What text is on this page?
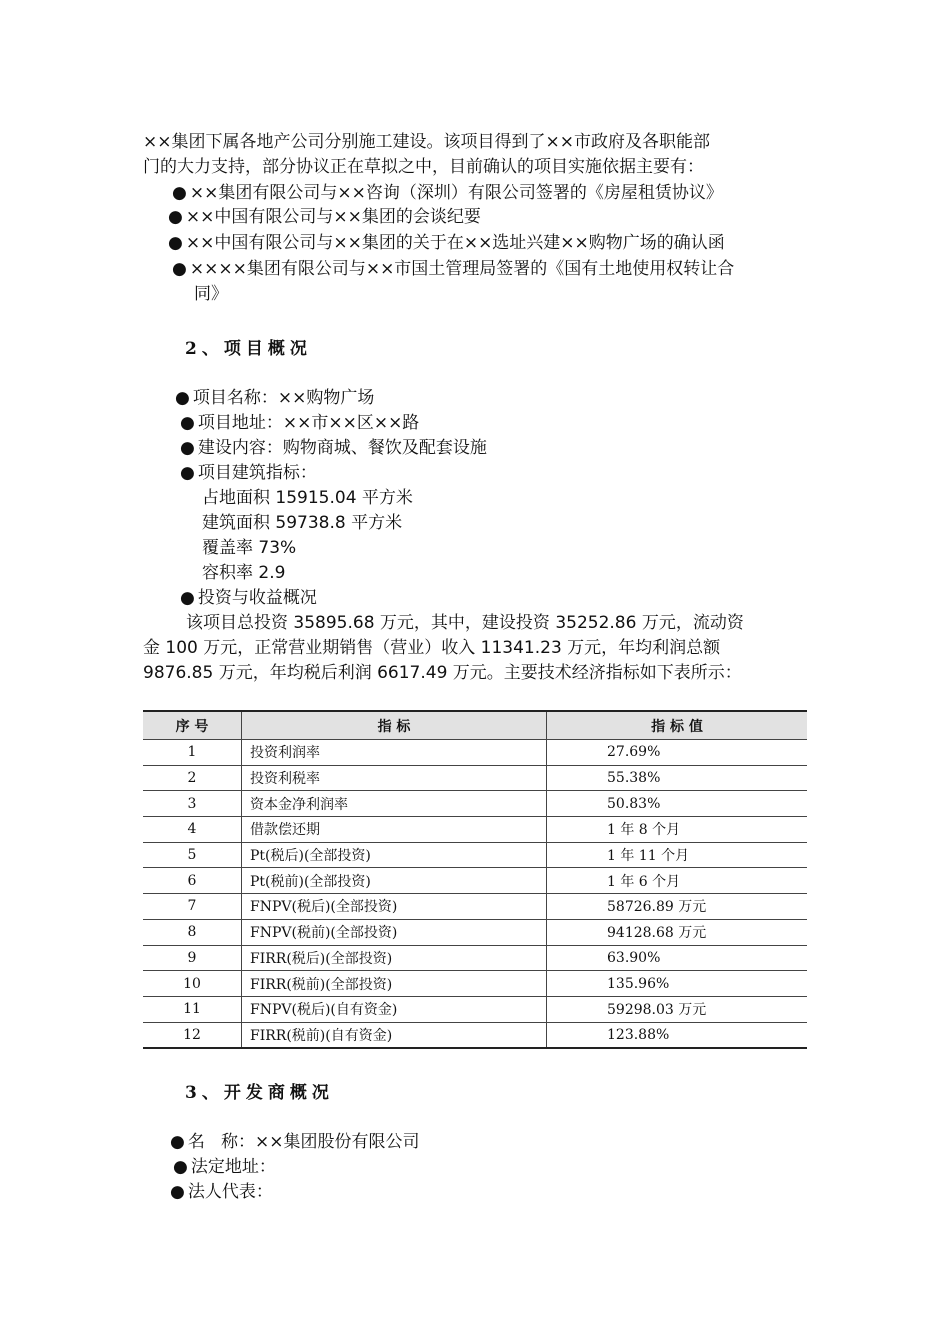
××集团下属各地产公司分别施工建设。该项目得到了××市政府及各职能部
门的大力支持，部分协议正在草拟之中，目前确认的项目实施依据主要有：
● ××集团有限公司与××咨询（深圳）有限公司签署的《房屋租赁协议》
● ××中国有限公司与××集团的会谈纪要
● ××中国有限公司与××集团的关于在××选址兴建××购物广场的确认函
● ××××集团有限公司与××市国土管理局签署的《国有土地使用权转让合
同》
2、项目概况
● 项目名称：××购物广场
● 项目地址：××市××区××路
● 建设内容：购物商城、餐饮及配套设施
● 项目建筑指标：
占地面积 15915.04 平方米
建筑面积 59738.8 平方米
覆盖率 73%
容积率 2.9
● 投资与收益概况
该项目总投资 35895.68 万元，其中，建设投资 35252.86 万元，流动资
金 100 万元，正常营业期销售（营业）收入 11341.23 万元，年均利润总额
9876.85 万元，年均税后利润 6617.49 万元。主要技术经济指标如下表所示：
序 号	指 标	指 标 值
1	投资利润率	27.69%
2	投资利税率	55.38%
3	资本金净利润率	50.83%
4	借款偿还期	1 年 8 个月
5	Pt(税后)(全部投资)	1 年 11 个月
6	Pt(税前)(全部投资)	1 年 6 个月
7	FNPV(税后)(全部投资)	58726.89 万元
8	FNPV(税前)(全部投资)	94128.68 万元
9	FIRR(税后)(全部投资)	63.90%
10	FIRR(税前)(全部投资)	135.96%
11	FNPV(税后)(自有资金)	59298.03 万元
12	FIRR(税前)(自有资金)	123.88%
3、开发商概况
● 名   称：××集团股份有限公司
● 法定地址：
● 法人代表：
